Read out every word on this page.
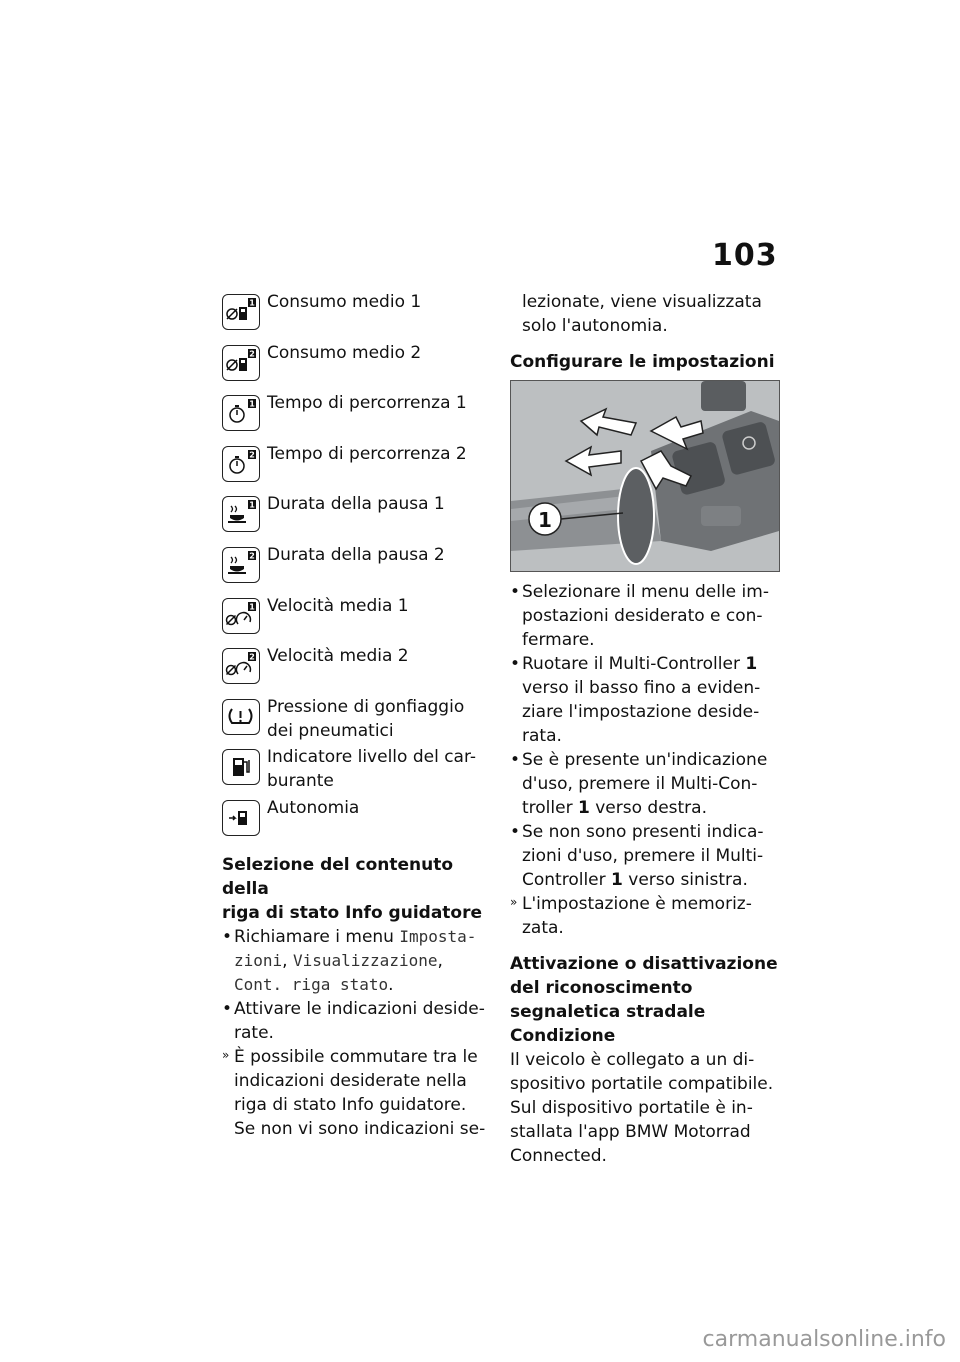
103
1 Consumo medio 1
2 Consumo medio 2
1 Tempo di percorrenza 1
2 Tempo di percorrenza 2
1 Durata della pausa 1
2 Durata della pausa 2
1 Velocità media 1
2 Velocità media 2
Pressione di gonfiaggio dei pneumatici
Indicatore livello del car-burante
Autonomia
Selezione del contenuto della
riga di stato Info guidatore
• Richiamare i menu Imposta-zioni, Visualizzazione, Cont. riga stato.
• Attivare le indicazioni deside-rate.
» È possibile commutare tra le indicazioni desiderate nella riga di stato Info guidatore. Se non vi sono indicazioni se-
lezionate, viene visualizzata solo l'autonomia.
Configurare le impostazioni
1
• Selezionare il menu delle im-postazioni desiderato e con-fermare.
• Ruotare il Multi-Controller 1 verso il basso fino a eviden-ziare l'impostazione deside-rata.
• Se è presente un'indicazione d'uso, premere il Multi-Con-troller 1 verso destra.
• Se non sono presenti indica-zioni d'uso, premere il Multi-Controller 1 verso sinistra.
» L'impostazione è memoriz-zata.
Attivazione o disattivazione
del riconoscimento
segnaletica stradale
Condizione
Il veicolo è collegato a un di-spositivo portatile compatibile. Sul dispositivo portatile è in-stallata l'app BMW Motorrad Connected.
carmanualsonline.info
